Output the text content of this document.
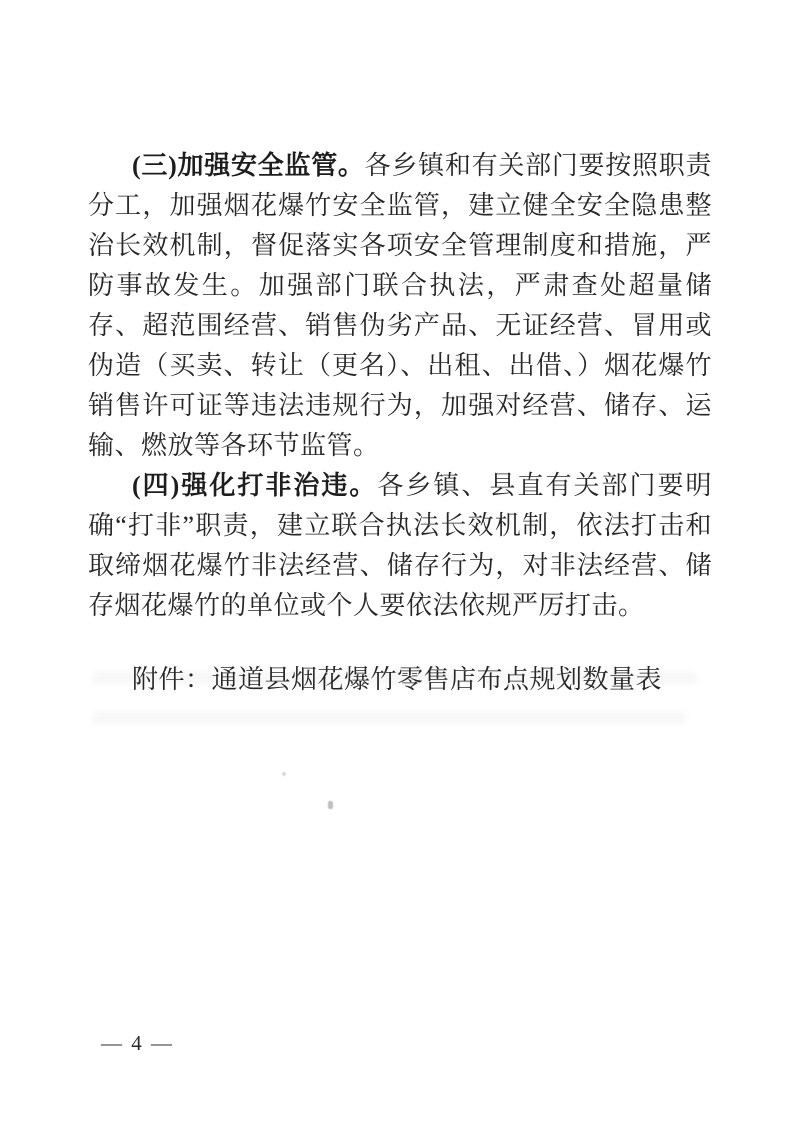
(三)加强安全监管。各乡镇和有关部门要按照职责分工，加强烟花爆竹安全监管，建立健全安全隐患整治长效机制，督促落实各项安全管理制度和措施，严防事故发生。加强部门联合执法，严肃查处超量储存、超范围经营、销售伪劣产品、无证经营、冒用或伪造（买卖、转让（更名）、出租、出借、）烟花爆竹销售许可证等违法违规行为，加强对经营、储存、运输、燃放等各环节监管。

(四)强化打非治违。各乡镇、县直有关部门要明确“打非”职责，建立联合执法长效机制，依法打击和取缔烟花爆竹非法经营、储存行为，对非法经营、储存烟花爆竹的单位或个人要依法依规严厉打击。

附件：通道县烟花爆竹零售店布点规划数量表

— 4 —
